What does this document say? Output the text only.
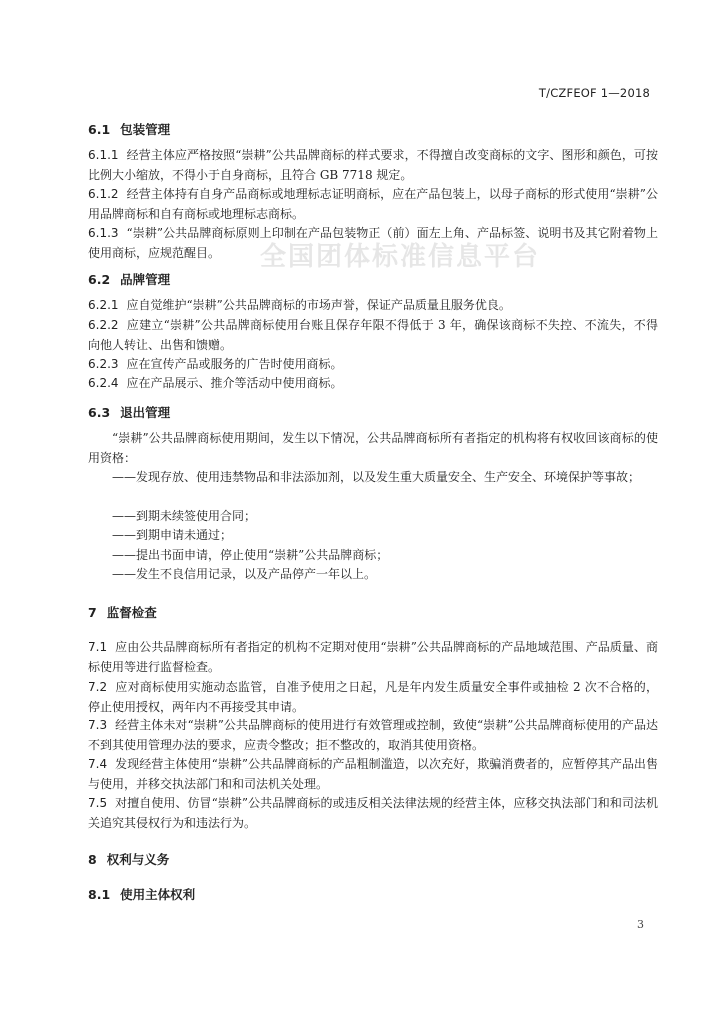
T/CZFEOF 1—2018
全国团体标准信息平台
6.1 包装管理
6.1.1 经营主体应严格按照“崇耕”公共品牌商标的样式要求，不得擅自改变商标的文字、图形和颜色，可按比例大小缩放，不得小于自身商标，且符合 GB 7718 规定。
6.1.2 经营主体持有自身产品商标或地理标志证明商标，应在产品包装上，以母子商标的形式使用“崇耕”公用品牌商标和自有商标或地理标志商标。
6.1.3 “崇耕”公共品牌商标原则上印制在产品包装物正（前）面左上角、产品标签、说明书及其它附着物上使用商标，应规范醒目。
6.2 品牌管理
6.2.1 应自觉维护“崇耕”公共品牌商标的市场声誉，保证产品质量且服务优良。
6.2.2 应建立“崇耕”公共品牌商标使用台账且保存年限不得低于 3 年，确保该商标不失控、不流失，不得向他人转让、出售和馈赠。
6.2.3 应在宣传产品或服务的广告时使用商标。
6.2.4 应在产品展示、推介等活动中使用商标。
6.3 退出管理
“崇耕”公共品牌商标使用期间，发生以下情况，公共品牌商标所有者指定的机构将有权收回该商标的使用资格：
——发现存放、使用违禁物品和非法添加剂，以及发生重大质量安全、生产安全、环境保护等事故；
——到期未续签使用合同；
——到期申请未通过；
——提出书面申请，停止使用“崇耕”公共品牌商标；
——发生不良信用记录，以及产品停产一年以上。
7 监督检查
7.1 应由公共品牌商标所有者指定的机构不定期对使用“崇耕”公共品牌商标的产品地域范围、产品质量、商标使用等进行监督检查。
7.2 应对商标使用实施动态监管，自准予使用之日起，凡是年内发生质量安全事件或抽检 2 次不合格的，停止使用授权，两年内不再接受其申请。
7.3 经营主体未对“崇耕”公共品牌商标的使用进行有效管理或控制，致使“崇耕”公共品牌商标使用的产品达不到其使用管理办法的要求，应责令整改；拒不整改的，取消其使用资格。
7.4 发现经营主体使用“崇耕”公共品牌商标的产品粗制滥造，以次充好，欺骗消费者的，应暂停其产品出售与使用，并移交执法部门和和司法机关处理。
7.5 对擅自使用、仿冒“崇耕”公共品牌商标的或违反相关法律法规的经营主体，应移交执法部门和和司法机关追究其侵权行为和违法行为。
8 权利与义务
8.1 使用主体权利
3
